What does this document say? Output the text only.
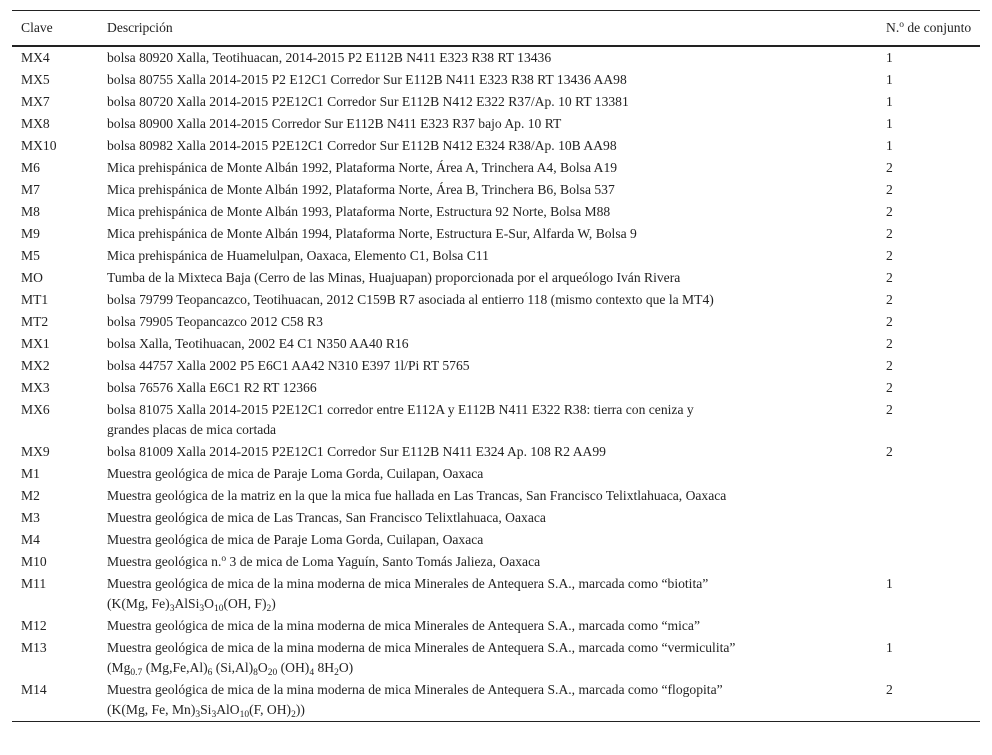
Clave	Descripción	N.$^o$ de conjunto
MX4	bolsa 80920 Xalla, Teotihuacan, 2014-2015 P2 E112B N411 E323 R38 RT 13436	1
MX5	bolsa 80755 Xalla 2014-2015 P2 E12C1 Corredor Sur E112B N411 E323 R38 RT 13436 AA98	1
MX7	bolsa 80720 Xalla 2014-2015 P2E12C1 Corredor Sur E112B N412 E322 R37/Ap. 10 RT 13381	1
MX8	bolsa 80900 Xalla 2014-2015 Corredor Sur E112B N411 E323 R37 bajo Ap. 10 RT	1
MX10	bolsa 80982 Xalla 2014-2015 P2E12C1 Corredor Sur E112B N412 E324 R38/Ap. 10B AA98	1
M6	Mica prehispánica de Monte Albán 1992, Plataforma Norte, Área A, Trinchera A4, Bolsa A19	2
M7	Mica prehispánica de Monte Albán 1992, Plataforma Norte, Área B, Trinchera B6, Bolsa 537	2
M8	Mica prehispánica de Monte Albán 1993, Plataforma Norte, Estructura 92 Norte, Bolsa M88	2
M9	Mica prehispánica de Monte Albán 1994, Plataforma Norte, Estructura E-Sur, Alfarda W, Bolsa 9	2
M5	Mica prehispánica de Huamelulpan, Oaxaca, Elemento C1, Bolsa C11	2
MO	Tumba de la Mixteca Baja (Cerro de las Minas, Huajuapan) proporcionada por el arqueólogo Iván Rivera	2
MT1	bolsa 79799 Teopancazco, Teotihuacan, 2012 C159B R7 asociada al entierro 118 (mismo contexto que la MT4)	2
MT2	bolsa 79905 Teopancazco 2012 C58 R3	2
MX1	bolsa Xalla, Teotihuacan, 2002 E4 C1 N350 AA40 R16	2
MX2	bolsa 44757 Xalla 2002 P5 E6C1 AA42 N310 E397 1l/Pi RT 5765	2
MX3	bolsa 76576 Xalla E6C1 R2 RT 12366	2
MX6	bolsa 81075 Xalla 2014-2015 P2E12C1 corredor entre E112A y E112B N411 E322 R38: tierra con ceniza y
grandes placas de mica cortada	2
MX9	bolsa 81009 Xalla 2014-2015 P2E12C1 Corredor Sur E112B N411 E324 Ap. 108 R2 AA99	2
M1	Muestra geológica de mica de Paraje Loma Gorda, Cuilapan, Oaxaca	
M2	Muestra geológica de la matriz en la que la mica fue hallada en Las Trancas, San Francisco Telixtlahuaca, Oaxaca	
M3	Muestra geológica de mica de Las Trancas, San Francisco Telixtlahuaca, Oaxaca	
M4	Muestra geológica de mica de Paraje Loma Gorda, Cuilapan, Oaxaca	
M10	Muestra geológica n.$^o$ 3 de mica de Loma Yaguín, Santo Tomás Jalieza, Oaxaca	
M11	Muestra geológica de mica de la mina moderna de mica Minerales de Antequera S.A., marcada como “biotita”
(K(Mg, $Fe)_3AlSi_3O_{10}(OH$, $F)_2$)	1
M12	Muestra geológica de mica de la mina moderna de mica Minerales de Antequera S.A., marcada como “mica”	
M13	Muestra geológica de mica de la mina moderna de mica Minerales de Antequera S.A., marcada como “vermiculita”
($Mg_{0.7}$ $(Mg,Fe,Al)_6$ $(Si,Al)_8O_{20}$ $(OH)_4$ $8H_2O$)	1
M14	Muestra geológica de mica de la mina moderna de mica Minerales de Antequera S.A., marcada como “flogopita”
(K(Mg, Fe, $Mn)_3Si_3AlO_{10}(F$, $OH)_2$))	2
